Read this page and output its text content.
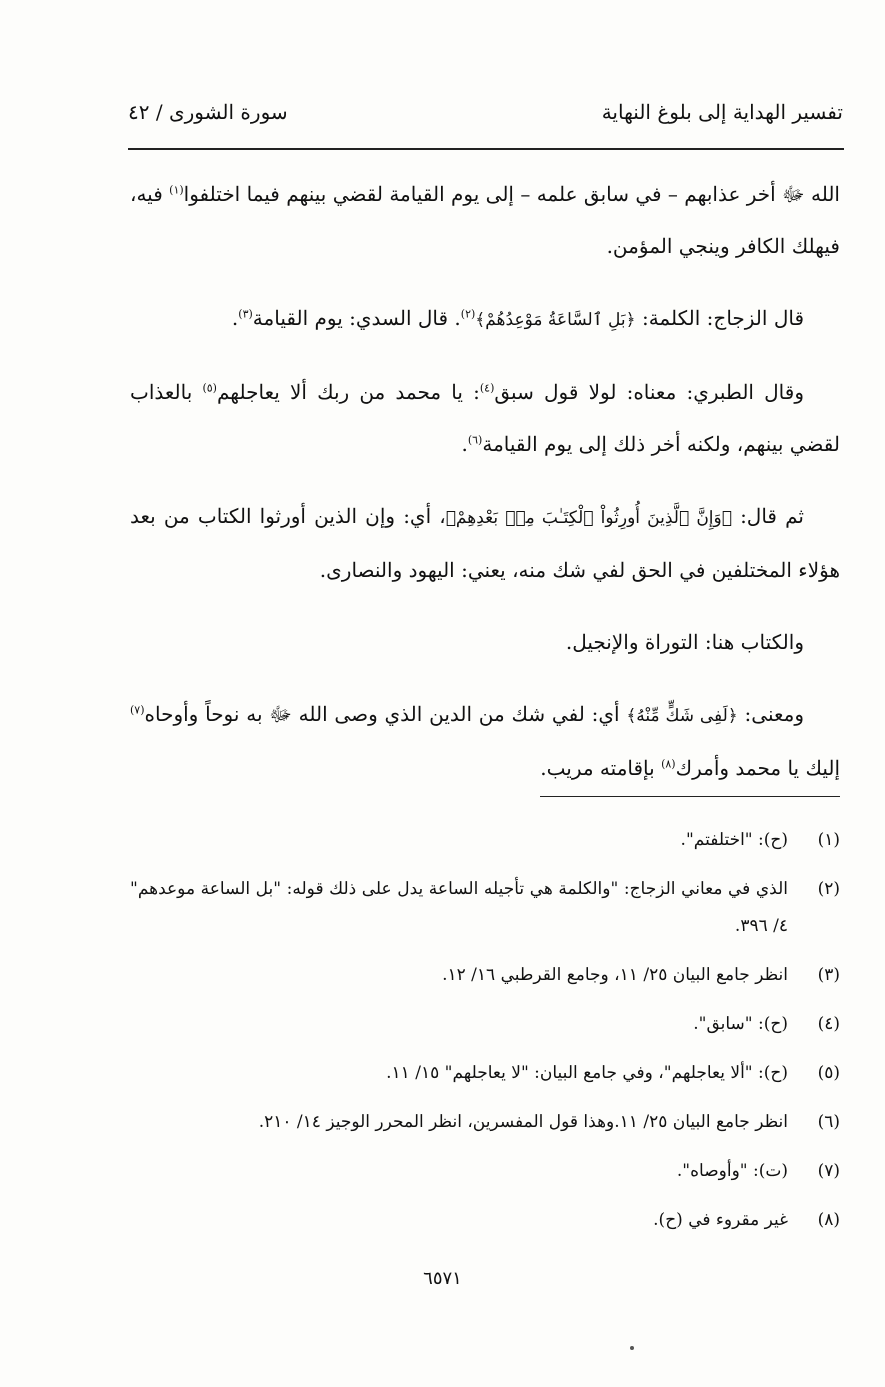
تفسير الهداية إلى بلوغ النهاية
سورة الشورى / ٤٢

الله ﷻ أخر عذابهم – في سابق علمه – إلى يوم القيامة لقضي بينهم فيما اختلفوا$^{(١)}$ فيه، فيهلك الكافر وينجي المؤمن.

قال الزجاج: الكلمة: ﴿بَلِ ٱلسَّاعَةُ مَوْعِدُهُمْ﴾$^{(٢)}$. قال السدي: يوم القيامة$^{(٣)}$.

وقال الطبري: معناه: لولا قول سبق$^{(٤)}$: يا محمد من ربك ألا يعاجلهم$^{(٥)}$ بالعذاب لقضي بينهم، ولكنه أخر ذلك إلى يوم القيامة$^{(٦)}$.

ثم قال: ﴿وَإِنَّ ٱلَّذِينَ أُورِثُواْ ٱلْكِتَـٰبَ مِنۢ بَعْدِهِمْ﴾، أي: وإن الذين أورثوا الكتاب من بعد هؤلاء المختلفين في الحق لفي شك منه، يعني: اليهود والنصارى.

والكتاب هنا: التوراة والإنجيل.

ومعنى: ﴿لَفِى شَكٍّ مِّنْهُ﴾ أي: لفي شك من الدين الذي وصى الله ﷻ به نوحاً وأوحاه$^{(٧)}$ إليك يا محمد وأمرك$^{(٨)}$ بإقامته مريب.

(١)
(ح): "اختلفتم".
(٢)
الذي في معاني الزجاج: "والكلمة هي تأجيله الساعة يدل على ذلك قوله: "بل الساعة موعدهم" ٤/ ٣٩٦.
(٣)
انظر جامع البيان ٢٥/ ١١، وجامع القرطبي ١٦/ ١٢.
(٤)
(ح): "سابق".
(٥)
(ح): "ألا يعاجلهم"، وفي جامع البيان: "لا يعاجلهم" ١٥/ ١١.
(٦)
انظر جامع البيان ٢٥/ ١١.وهذا قول المفسرين، انظر المحرر الوجيز ١٤/ ٢١٠.
(٧)
(ت): "وأوصاه".
(٨)
غير مقروء في (ح).
٦٥٧١
